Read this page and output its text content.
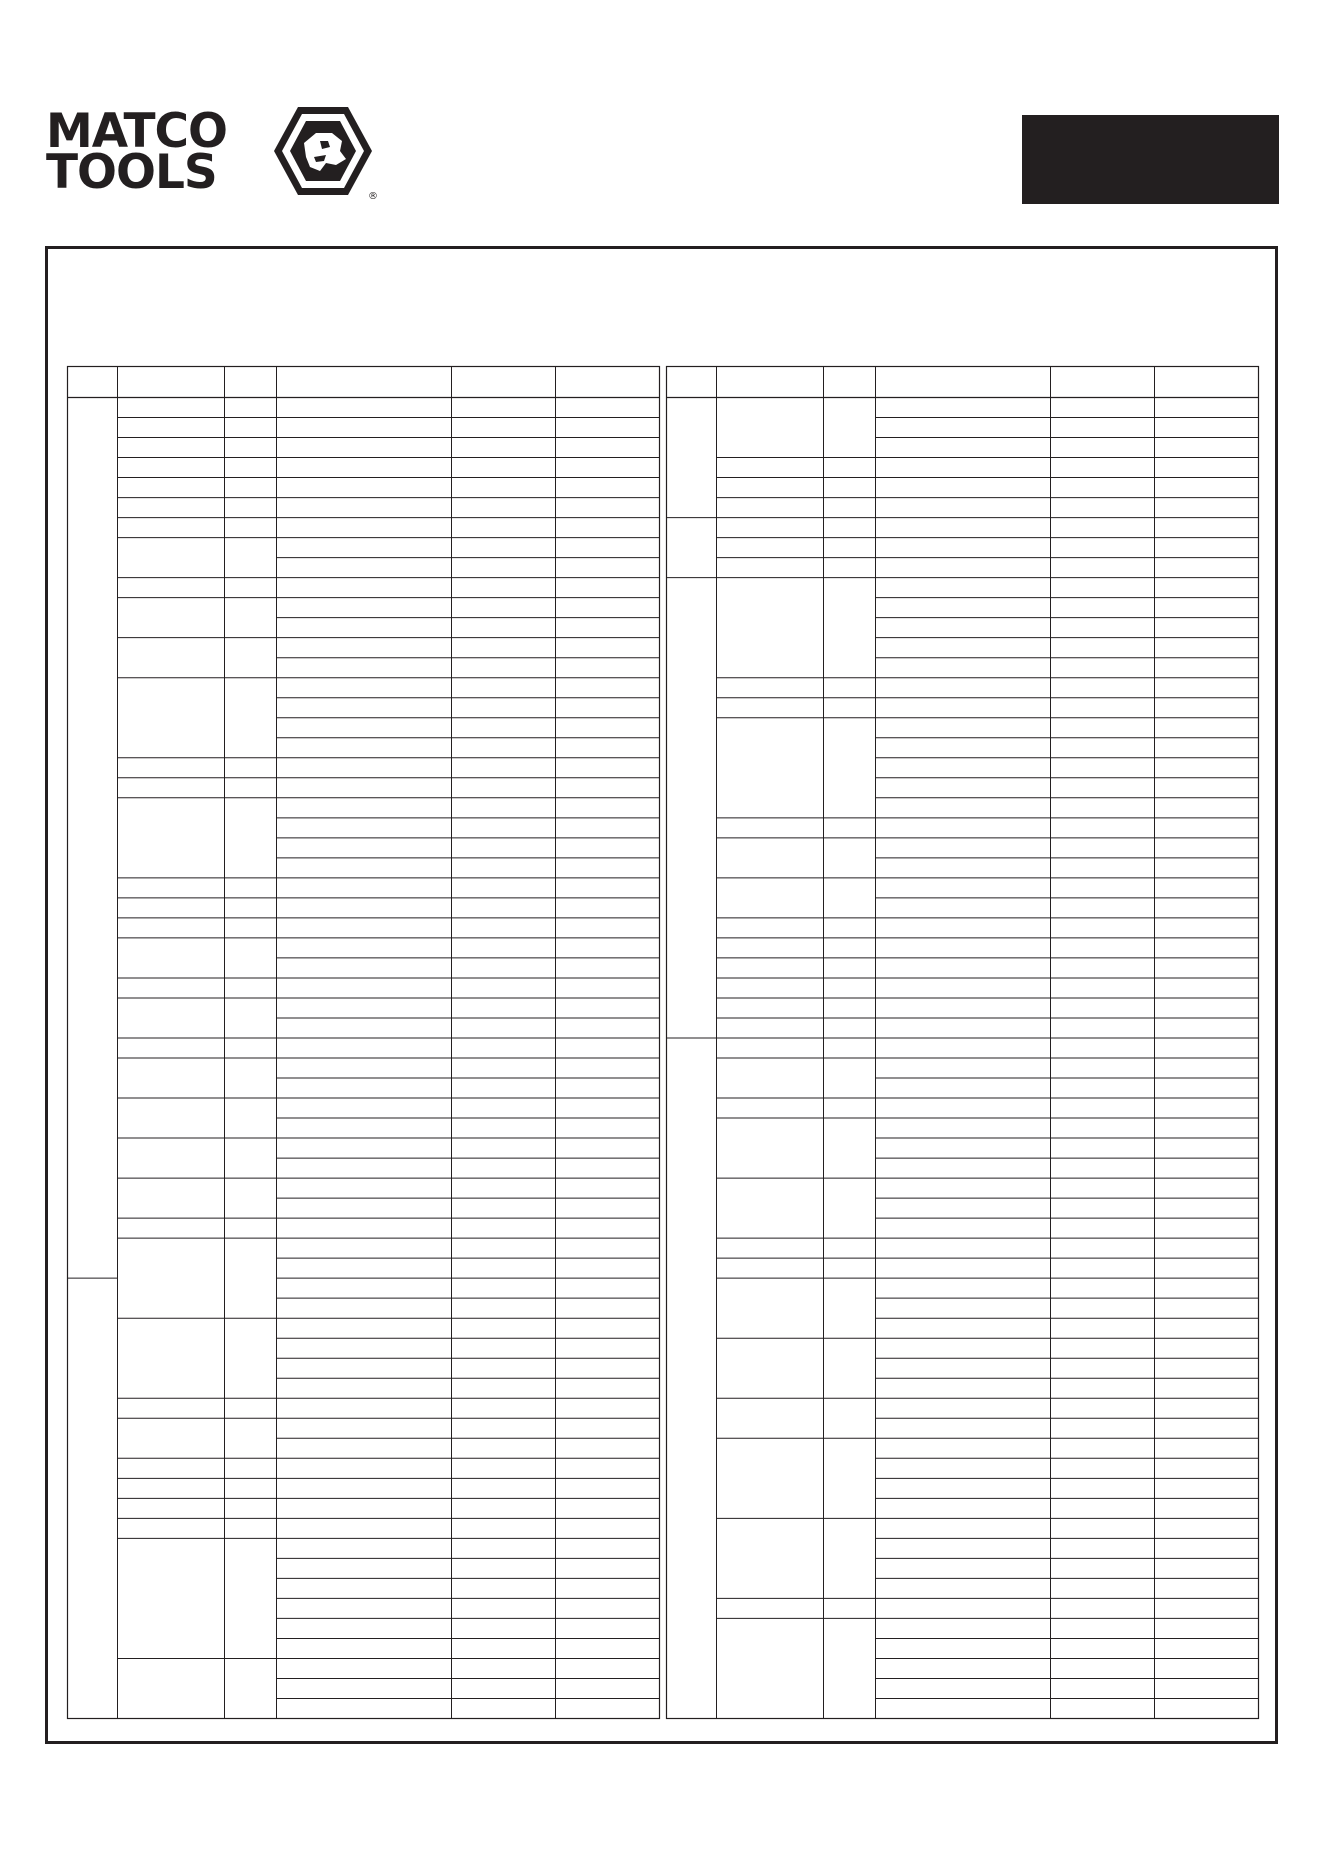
MATCO
TOOLS	®
